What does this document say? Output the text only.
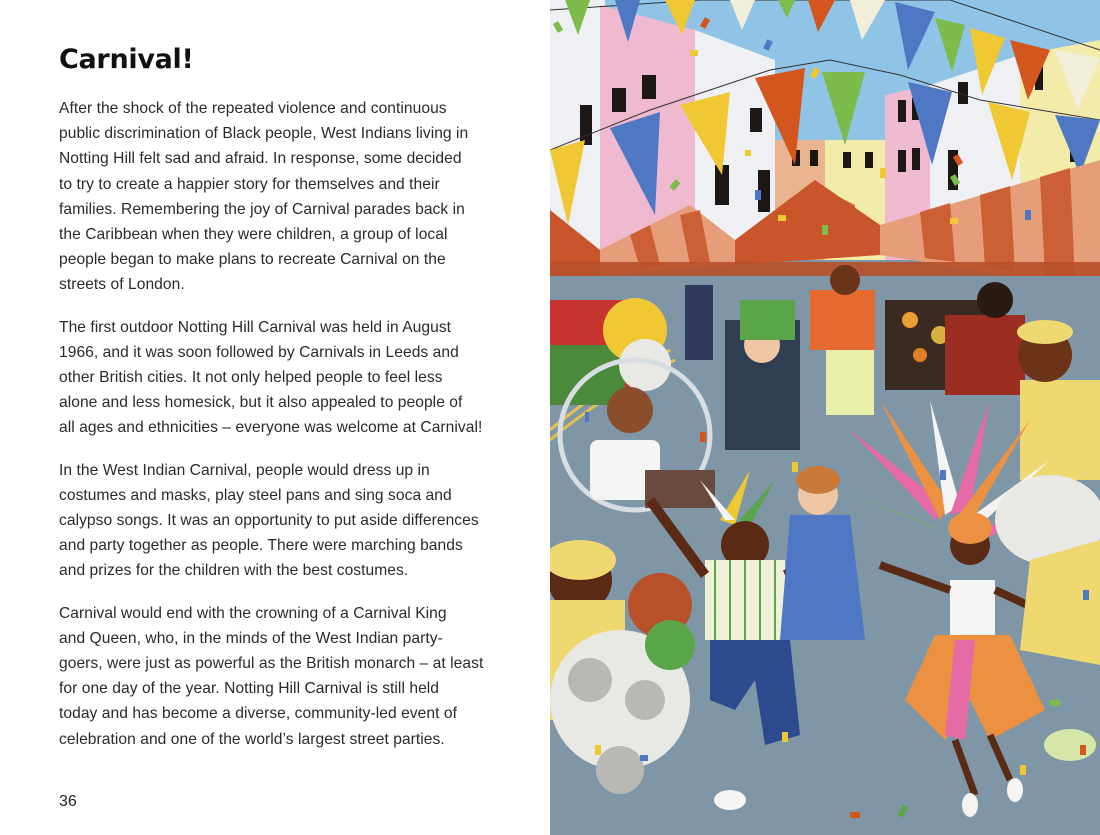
Carnival!

After the shock of the repeated violence and continuous
public discrimination of Black people, West Indians living in
Notting Hill felt sad and afraid. In response, some decided
to try to create a happier story for themselves and their
families. Remembering the joy of Carnival parades back in
the Caribbean when they were children, a group of local
people began to make plans to recreate Carnival on the
streets of London.

The first outdoor Notting Hill Carnival was held in August
1966, and it was soon followed by Carnivals in Leeds and
other British cities. It not only helped people to feel less
alone and less homesick, but it also appealed to people of
all ages and ethnicities – everyone was welcome at Carnival!

In the West Indian Carnival, people would dress up in
costumes and masks, play steel pans and sing soca and
calypso songs. It was an opportunity to put aside differences
and party together as people. There were marching bands
and prizes for the children with the best costumes.

Carnival would end with the crowning of a Carnival King
and Queen, who, in the minds of the West Indian party-
goers, were just as powerful as the British monarch – at least
for one day of the year. Notting Hill Carnival is still held
today and has become a diverse, community-led event of
celebration and one of the world’s largest street parties.

36
